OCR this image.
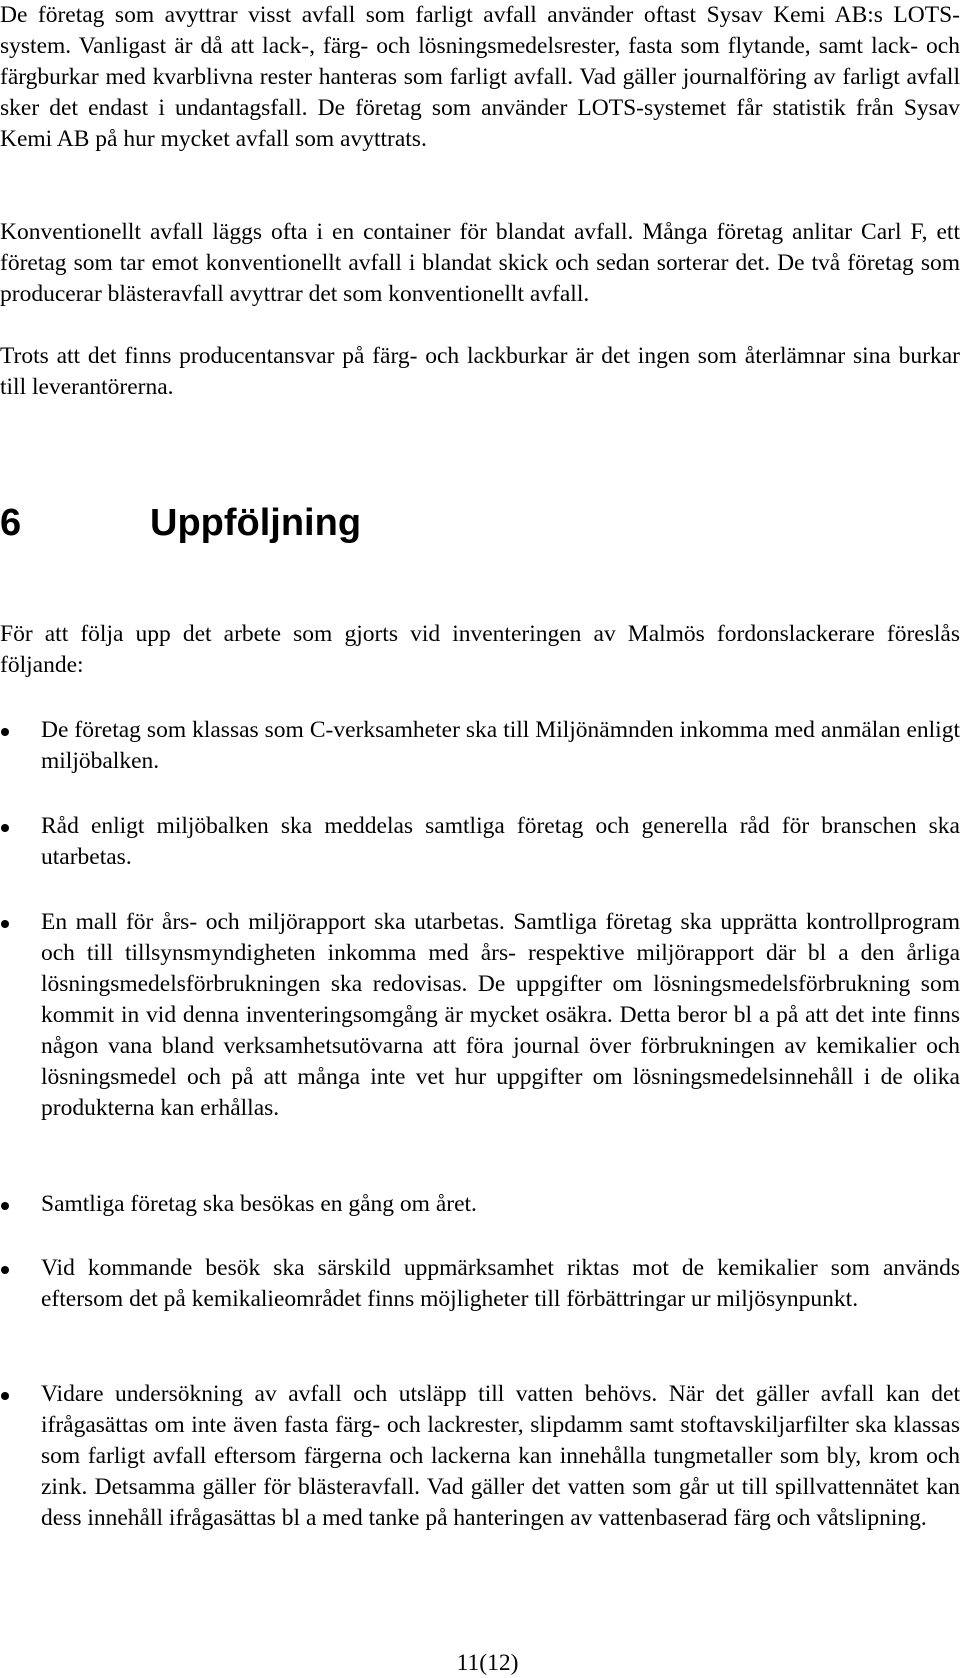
De företag som avyttrar visst avfall som farligt avfall använder oftast Sysav Kemi AB:s LOTS-system. Vanligast är då att lack-, färg- och lösningsmedelsrester, fasta som flytande, samt lack- och färgburkar med kvarblivna rester hanteras som farligt avfall. Vad gäller journalföring av farligt avfall sker det endast i undantagsfall. De företag som använder LOTS-systemet får statistik från Sysav Kemi AB på hur mycket avfall som avyttrats.

Konventionellt avfall läggs ofta i en container för blandat avfall. Många företag anlitar Carl F, ett företag som tar emot konventionellt avfall i blandat skick och sedan sorterar det. De två företag som producerar blästeravfall avyttrar det som konventionellt avfall.

Trots att det finns producentansvar på färg- och lackburkar är det ingen som återlämnar sina burkar till leverantörerna.

6	Uppföljning

För att följa upp det arbete som gjorts vid inventeringen av Malmös fordonslackerare föreslås följande:

De företag som klassas som C-verksamheter ska till Miljönämnden inkomma med anmälan enligt miljöbalken.

Råd enligt miljöbalken ska meddelas samtliga företag och generella råd för branschen ska utarbetas.

En mall för års- och miljörapport ska utarbetas. Samtliga företag ska upprätta kontrollprogram och till tillsynsmyndigheten inkomma med års- respektive miljörapport där bl a den årliga lösningsmedelsförbrukningen ska redovisas. De uppgifter om lösningsmedelsförbrukning som kommit in vid denna inventeringsomgång är mycket osäkra. Detta beror bl a på att det inte finns någon vana bland verksamhetsutövarna att föra journal över förbrukningen av kemikalier och lösningsmedel och på att många inte vet hur uppgifter om lösningsmedelsinnehåll i de olika produkterna kan erhållas.

Samtliga företag ska besökas en gång om året.

Vid kommande besök ska särskild uppmärksamhet riktas mot de kemikalier som används eftersom det på kemikalieområdet finns möjligheter till förbättringar ur miljösynpunkt.

Vidare undersökning av avfall och utsläpp till vatten behövs. När det gäller avfall kan det ifrågasättas om inte även fasta färg- och lackrester, slipdamm samt stoftavskiljarfilter ska klassas som farligt avfall eftersom färgerna och lackerna kan innehålla tungmetaller som bly, krom och zink. Detsamma gäller för blästeravfall. Vad gäller det vatten som går ut till spillvattennätet kan dess innehåll ifrågasättas bl a med tanke på hanteringen av vattenbaserad färg och våtslipning.

11(12)
